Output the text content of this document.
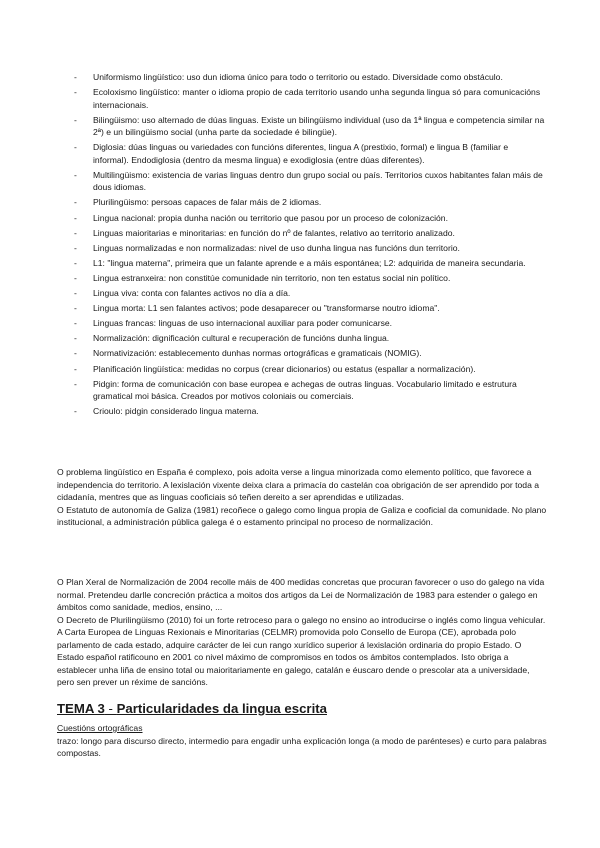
- Uniformismo lingüístico: uso dun idioma único para todo o territorio ou estado. Diversidade como obstáculo.
- Ecoloxismo lingüístico: manter o idioma propio de cada territorio usando unha segunda lingua só para comunicacións internacionais.
- Bilingüismo: uso alternado de dúas linguas. Existe un bilingüismo individual (uso da 1ª lingua e competencia similar na 2ª) e un bilingüismo social (unha parte da sociedade é bilingüe).
- Diglosia: dúas linguas ou variedades con funcións diferentes, lingua A (prestixio, formal) e lingua B (familiar e informal). Endodiglosia (dentro da mesma lingua) e exodiglosia (entre dúas diferentes).
- Multilingüismo: existencia de varias linguas dentro dun grupo social ou país. Territorios cuxos habitantes falan máis de dous idiomas.
- Plurilingüismo: persoas capaces de falar máis de 2 idiomas.
- Lingua nacional: propia dunha nación ou territorio que pasou por un proceso de colonización.
- Linguas maioritarias e minoritarias: en función do nº de falantes, relativo ao territorio analizado.
- Linguas normalizadas e non normalizadas: nivel de uso dunha lingua nas funcións dun territorio.
- L1: "lingua materna", primeira que un falante aprende e a máis espontánea; L2: adquirida de maneira secundaria.
- Lingua estranxeira: non constitúe comunidade nin territorio, non ten estatus social nin político.
- Lingua viva: conta con falantes activos no día a día.
- Lingua morta: L1 sen falantes activos; pode desaparecer ou "transformarse noutro idioma".
- Linguas francas: linguas de uso internacional auxiliar para poder comunicarse.
- Normalización: dignificación cultural e recuperación de funcións dunha lingua.
- Normativización: establecemento dunhas normas ortográficas e gramaticais (NOMIG).
- Planificación lingüística: medidas no corpus (crear dicionarios) ou estatus (espallar a normalización).
- Pidgin: forma de comunicación con base europea e achegas de outras linguas. Vocabulario limitado e estrutura gramatical moi básica. Creados por motivos coloniais ou comerciais.
- Crioulo: pidgin considerado lingua materna.

O problema lingüístico en España é complexo, pois adoita verse a lingua minorizada como elemento político, que favorece a independencia do territorio. A lexislación vixente deixa clara a primacía do castelán coa obrigación de ser aprendido por toda a cidadanía, mentres que as linguas cooficiais só teñen dereito a ser aprendidas e utilizadas.

O Estatuto de autonomía de Galiza (1981) recoñece o galego como lingua propia de Galiza e cooficial da comunidade. No plano institucional, a administración pública galega é o estamento principal no proceso de normalización.

O Plan Xeral de Normalización de 2004 recolle máis de 400 medidas concretas que procuran favorecer o uso do galego na vida normal. Pretendeu darlle concreción práctica a moitos dos artigos da Lei de Normalización de 1983 para estender o galego en ámbitos como sanidade, medios, ensino, ...

O Decreto de Plurilingüismo (2010) foi un forte retroceso para o galego no ensino ao introducirse o inglés como lingua vehicular.

A Carta Europea de Linguas Rexionais e Minoritarias (CELMR) promovida polo Consello de Europa (CE), aprobada polo parlamento de cada estado, adquire carácter de lei cun rango xurídico superior á lexislación ordinaria do propio Estado. O Estado español ratificouno en 2001 co nivel máximo de compromisos en todos os ámbitos contemplados. Isto obriga a establecer unha liña de ensino total ou maioritariamente en galego, catalán e éuscaro dende o prescolar ata a universidade, pero sen prever un réxime de sancións.

TEMA 3 - Particularidades da lingua escrita

Cuestións ortográficas

trazo: longo para discurso directo, intermedio para engadir unha explicación longa (a modo de parénteses) e curto para palabras compostas.
